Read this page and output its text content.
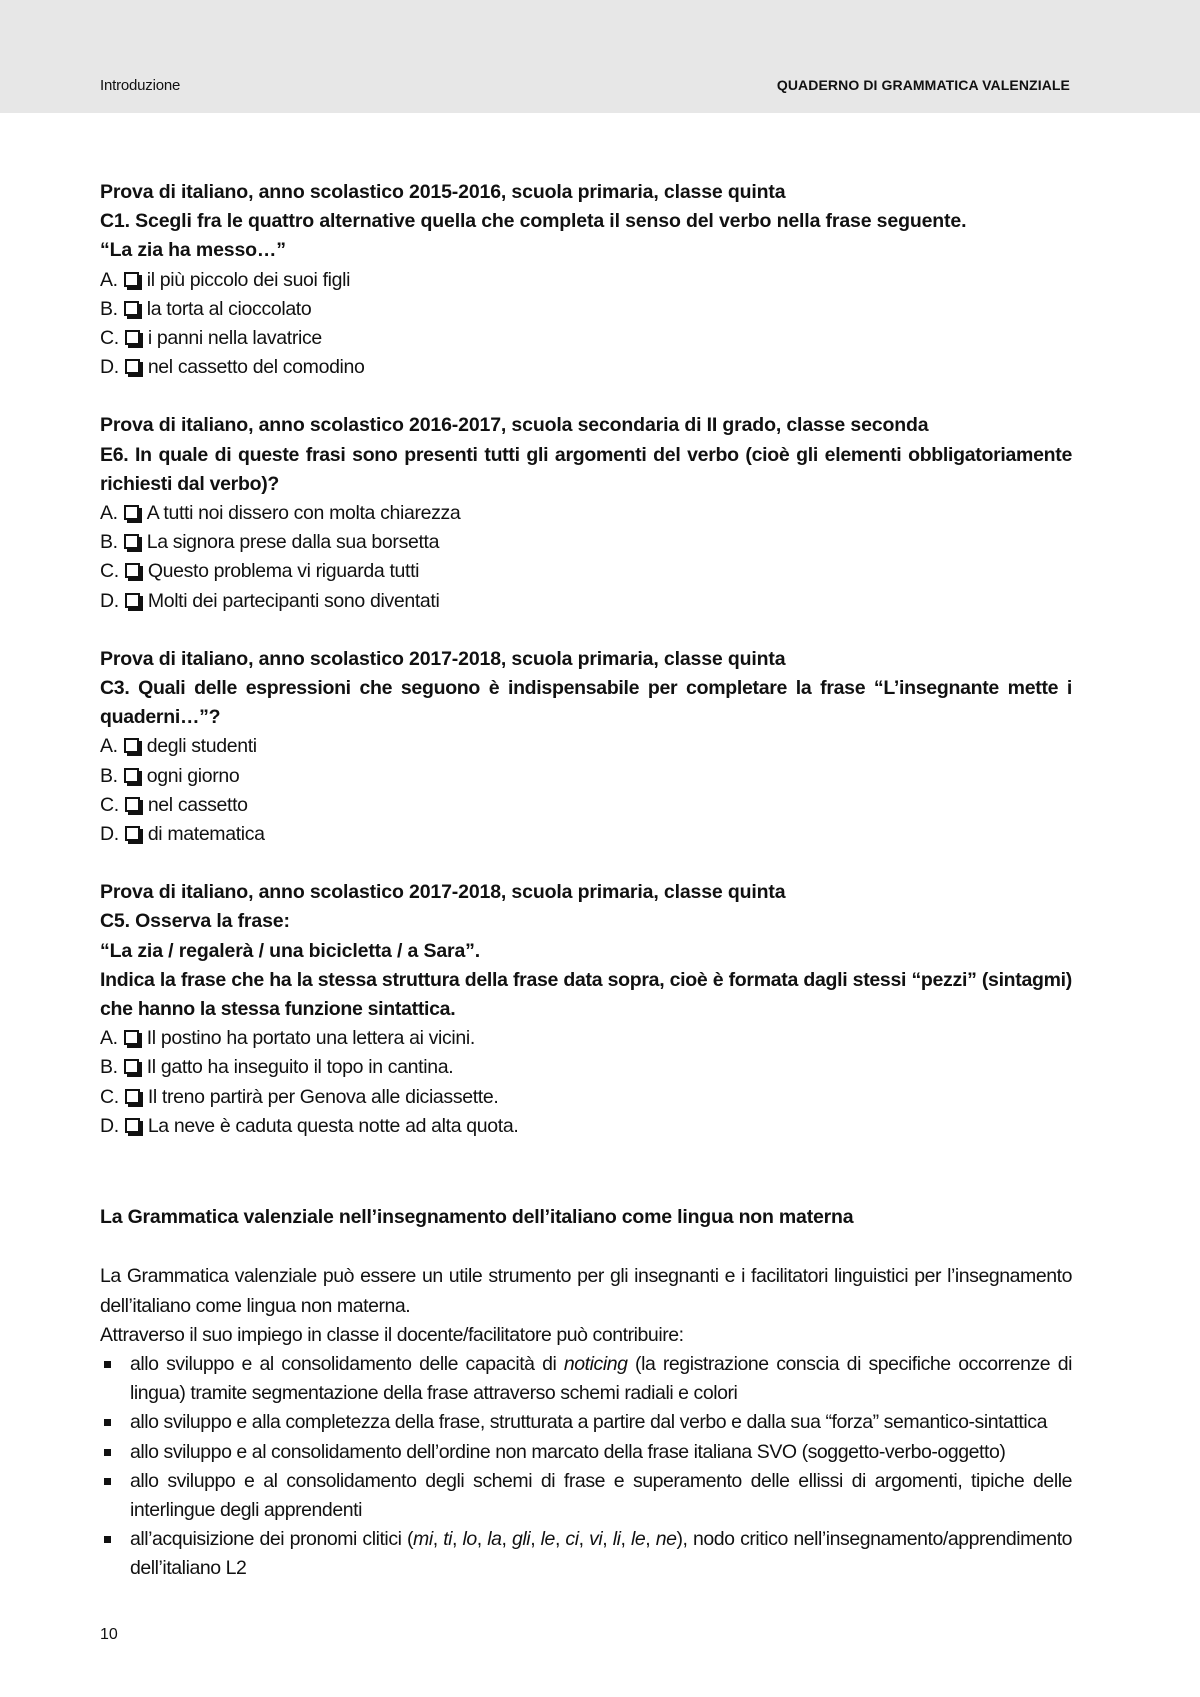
Introduzione	QUADERNO DI GRAMMATICA VALENZIALE
Prova di italiano, anno scolastico 2015-2016, scuola primaria, classe quinta
C1. Scegli fra le quattro alternative quella che completa il senso del verbo nella frase seguente.
“La zia ha messo…”
A. il più piccolo dei suoi figli
B. la torta al cioccolato
C. i panni nella lavatrice
D. nel cassetto del comodino
Prova di italiano, anno scolastico 2016-2017, scuola secondaria di II grado, classe seconda
E6. In quale di queste frasi sono presenti tutti gli argomenti del verbo (cioè gli elementi obbligatoriamente richiesti dal verbo)?
A. A tutti noi dissero con molta chiarezza
B. La signora prese dalla sua borsetta
C. Questo problema vi riguarda tutti
D. Molti dei partecipanti sono diventati
Prova di italiano, anno scolastico 2017-2018, scuola primaria, classe quinta
C3. Quali delle espressioni che seguono è indispensabile per completare la frase “L’insegnante mette i quaderni…”?
A. degli studenti
B. ogni giorno
C. nel cassetto
D. di matematica
Prova di italiano, anno scolastico 2017-2018, scuola primaria, classe quinta
C5. Osserva la frase:
“La zia / regalerà / una bicicletta / a Sara”.
Indica la frase che ha la stessa struttura della frase data sopra, cioè è formata dagli stessi “pezzi” (sintagmi) che hanno la stessa funzione sintattica.
A. Il postino ha portato una lettera ai vicini.
B. Il gatto ha inseguito il topo in cantina.
C. Il treno partirà per Genova alle diciassette.
D. La neve è caduta questa notte ad alta quota.
La Grammatica valenziale nell’insegnamento dell’italiano come lingua non materna
La Grammatica valenziale può essere un utile strumento per gli insegnanti e i facilitatori linguistici per l’insegnamento dell’italiano come lingua non materna.
Attraverso il suo impiego in classe il docente/facilitatore può contribuire:
allo sviluppo e al consolidamento delle capacità di noticing (la registrazione conscia di specifiche occorrenze di lingua) tramite segmentazione della frase attraverso schemi radiali e colori
allo sviluppo e alla completezza della frase, strutturata a partire dal verbo e dalla sua “forza” semantico-sintattica
allo sviluppo e al consolidamento dell’ordine non marcato della frase italiana SVO (soggetto-verbo-oggetto)
allo sviluppo e al consolidamento degli schemi di frase e superamento delle ellissi di argomenti, tipiche delle interlingue degli apprendenti
all’acquisizione dei pronomi clitici (mi, ti, lo, la, gli, le, ci, vi, li, le, ne), nodo critico nell’insegnamento/apprendimento dell’italiano L2
10
